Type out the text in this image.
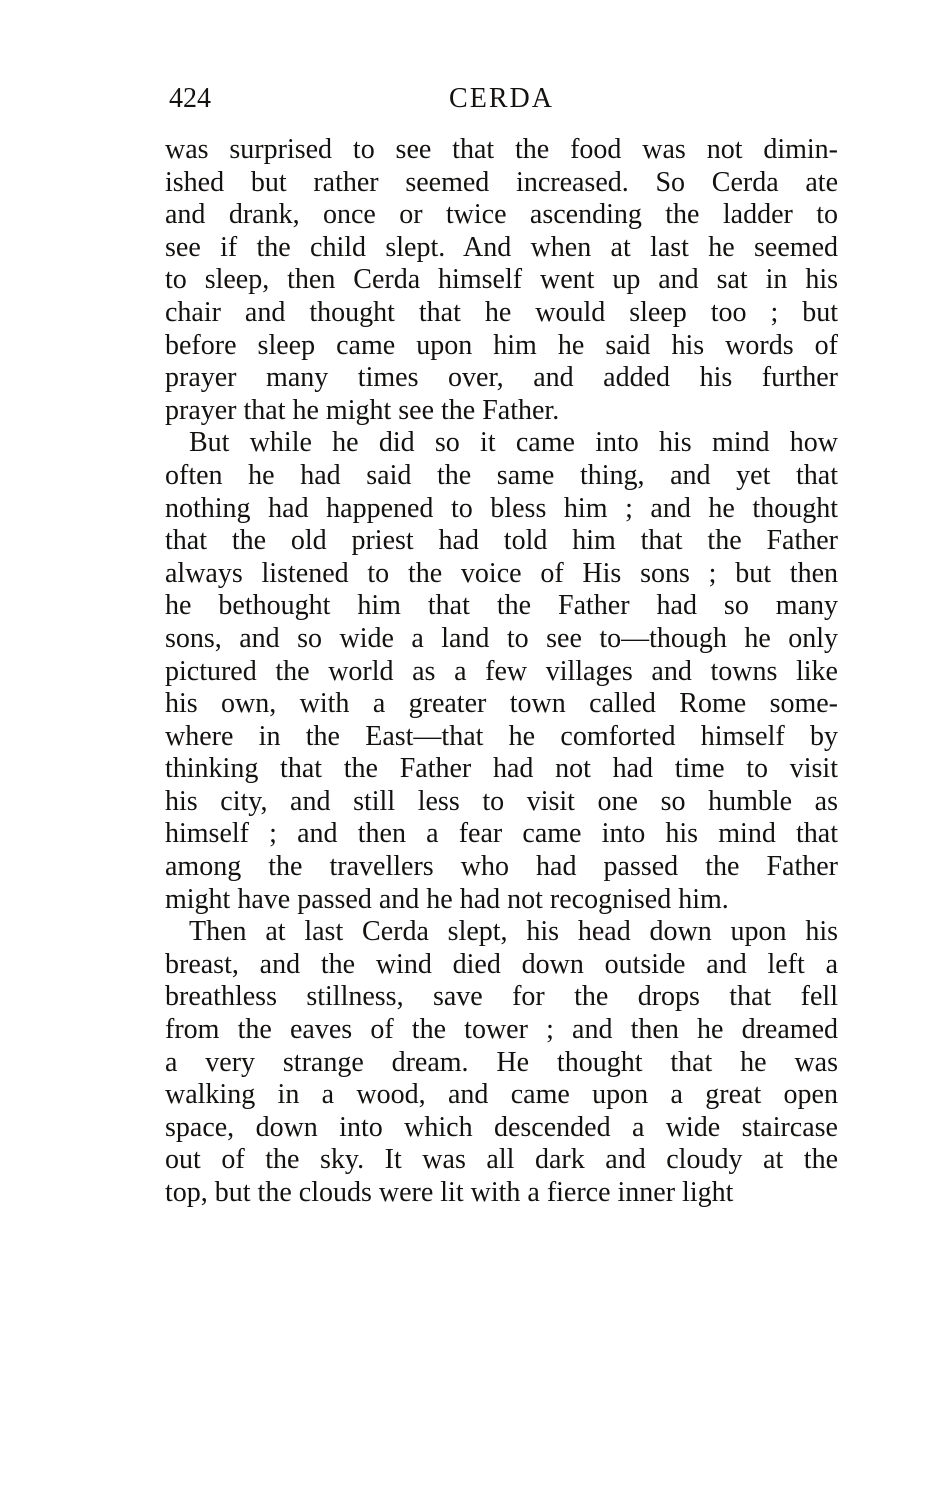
424	CERDA
was surprised to see that the food was not dimin-
ished but rather seemed increased. So Cerda ate
and drank, once or twice ascending the ladder to
see if the child slept. And when at last he seemed
to sleep, then Cerda himself went up and sat in his
chair and thought that he would sleep too ; but
before sleep came upon him he said his words of
prayer many times over, and added his further
prayer that he might see the Father.
But while he did so it came into his mind how
often he had said the same thing, and yet that
nothing had happened to bless him ; and he thought
that the old priest had told him that the Father
always listened to the voice of His sons ; but then
he bethought him that the Father had so many
sons, and so wide a land to see to—though he only
pictured the world as a few villages and towns like
his own, with a greater town called Rome some-
where in the East—that he comforted himself by
thinking that the Father had not had time to visit
his city, and still less to visit one so humble as
himself ; and then a fear came into his mind that
among the travellers who had passed the Father
might have passed and he had not recognised him.
Then at last Cerda slept, his head down upon his
breast, and the wind died down outside and left a
breathless stillness, save for the drops that fell
from the eaves of the tower ; and then he dreamed
a very strange dream. He thought that he was
walking in a wood, and came upon a great open
space, down into which descended a wide staircase
out of the sky. It was all dark and cloudy at the
top, but the clouds were lit with a fierce inner light
